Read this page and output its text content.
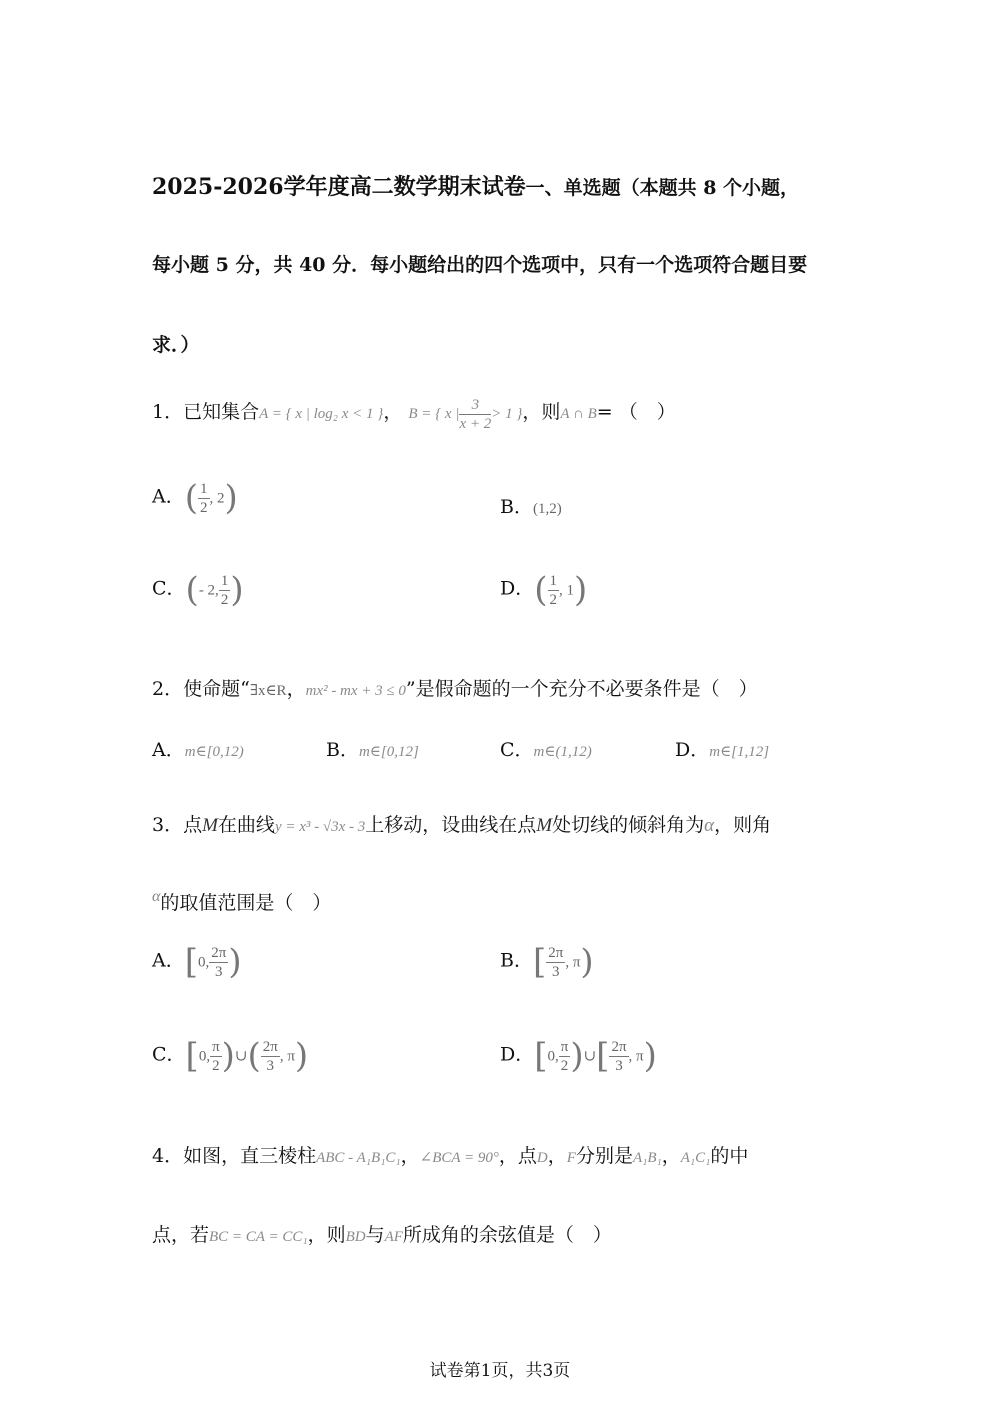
2025-2026学年度高二数学期末试卷一、单选题（本题共 8 个小题，
每小题 5 分，共 40 分．每小题给出的四个选项中，只有一个选项符合题目要
求．）
1．已知集合A = { x | log₂ x < 1 }， B = { x | $\frac{3}{x + 2} > 1$ }，则A ∩ B= （　）
A．( $\frac{1}{2}$ , 2)	B．(1,2)
C．(- 2, $\frac{1}{2}$ )	D．( $\frac{1}{2}$ , 1)
2．使命题“∃x∈R，mx² - mx + 3 ≤ 0”是假命题的一个充分不必要条件是（　）
A．m∈[0,12)	B．m∈[0,12]	C．m∈(1,12)	D．m∈[1,12]
3．点M在曲线y = x³ - √3x - 3上移动，设曲线在点M处切线的倾斜角为α，则角
$^\alpha$的取值范围是（　）
A．[0, $\frac{2\pi}{3}$ )	B．[ $\frac{2\pi}{3}$ , π)
C．[0, $\frac{\pi}{2}$ )∪( $\frac{2\pi}{3}$ , π)	D．[0, $\frac{\pi}{2}$ )∪[ $\frac{2\pi}{3}$ , π)
4．如图，直三棱柱ABC - A₁B₁C₁，∠BCA = 90°，点D，F分别是A₁B₁，A₁C₁的中
点，若BC = CA = CC₁，则BD与AF所成角的余弦值是（　）
试卷第1页，共3页
